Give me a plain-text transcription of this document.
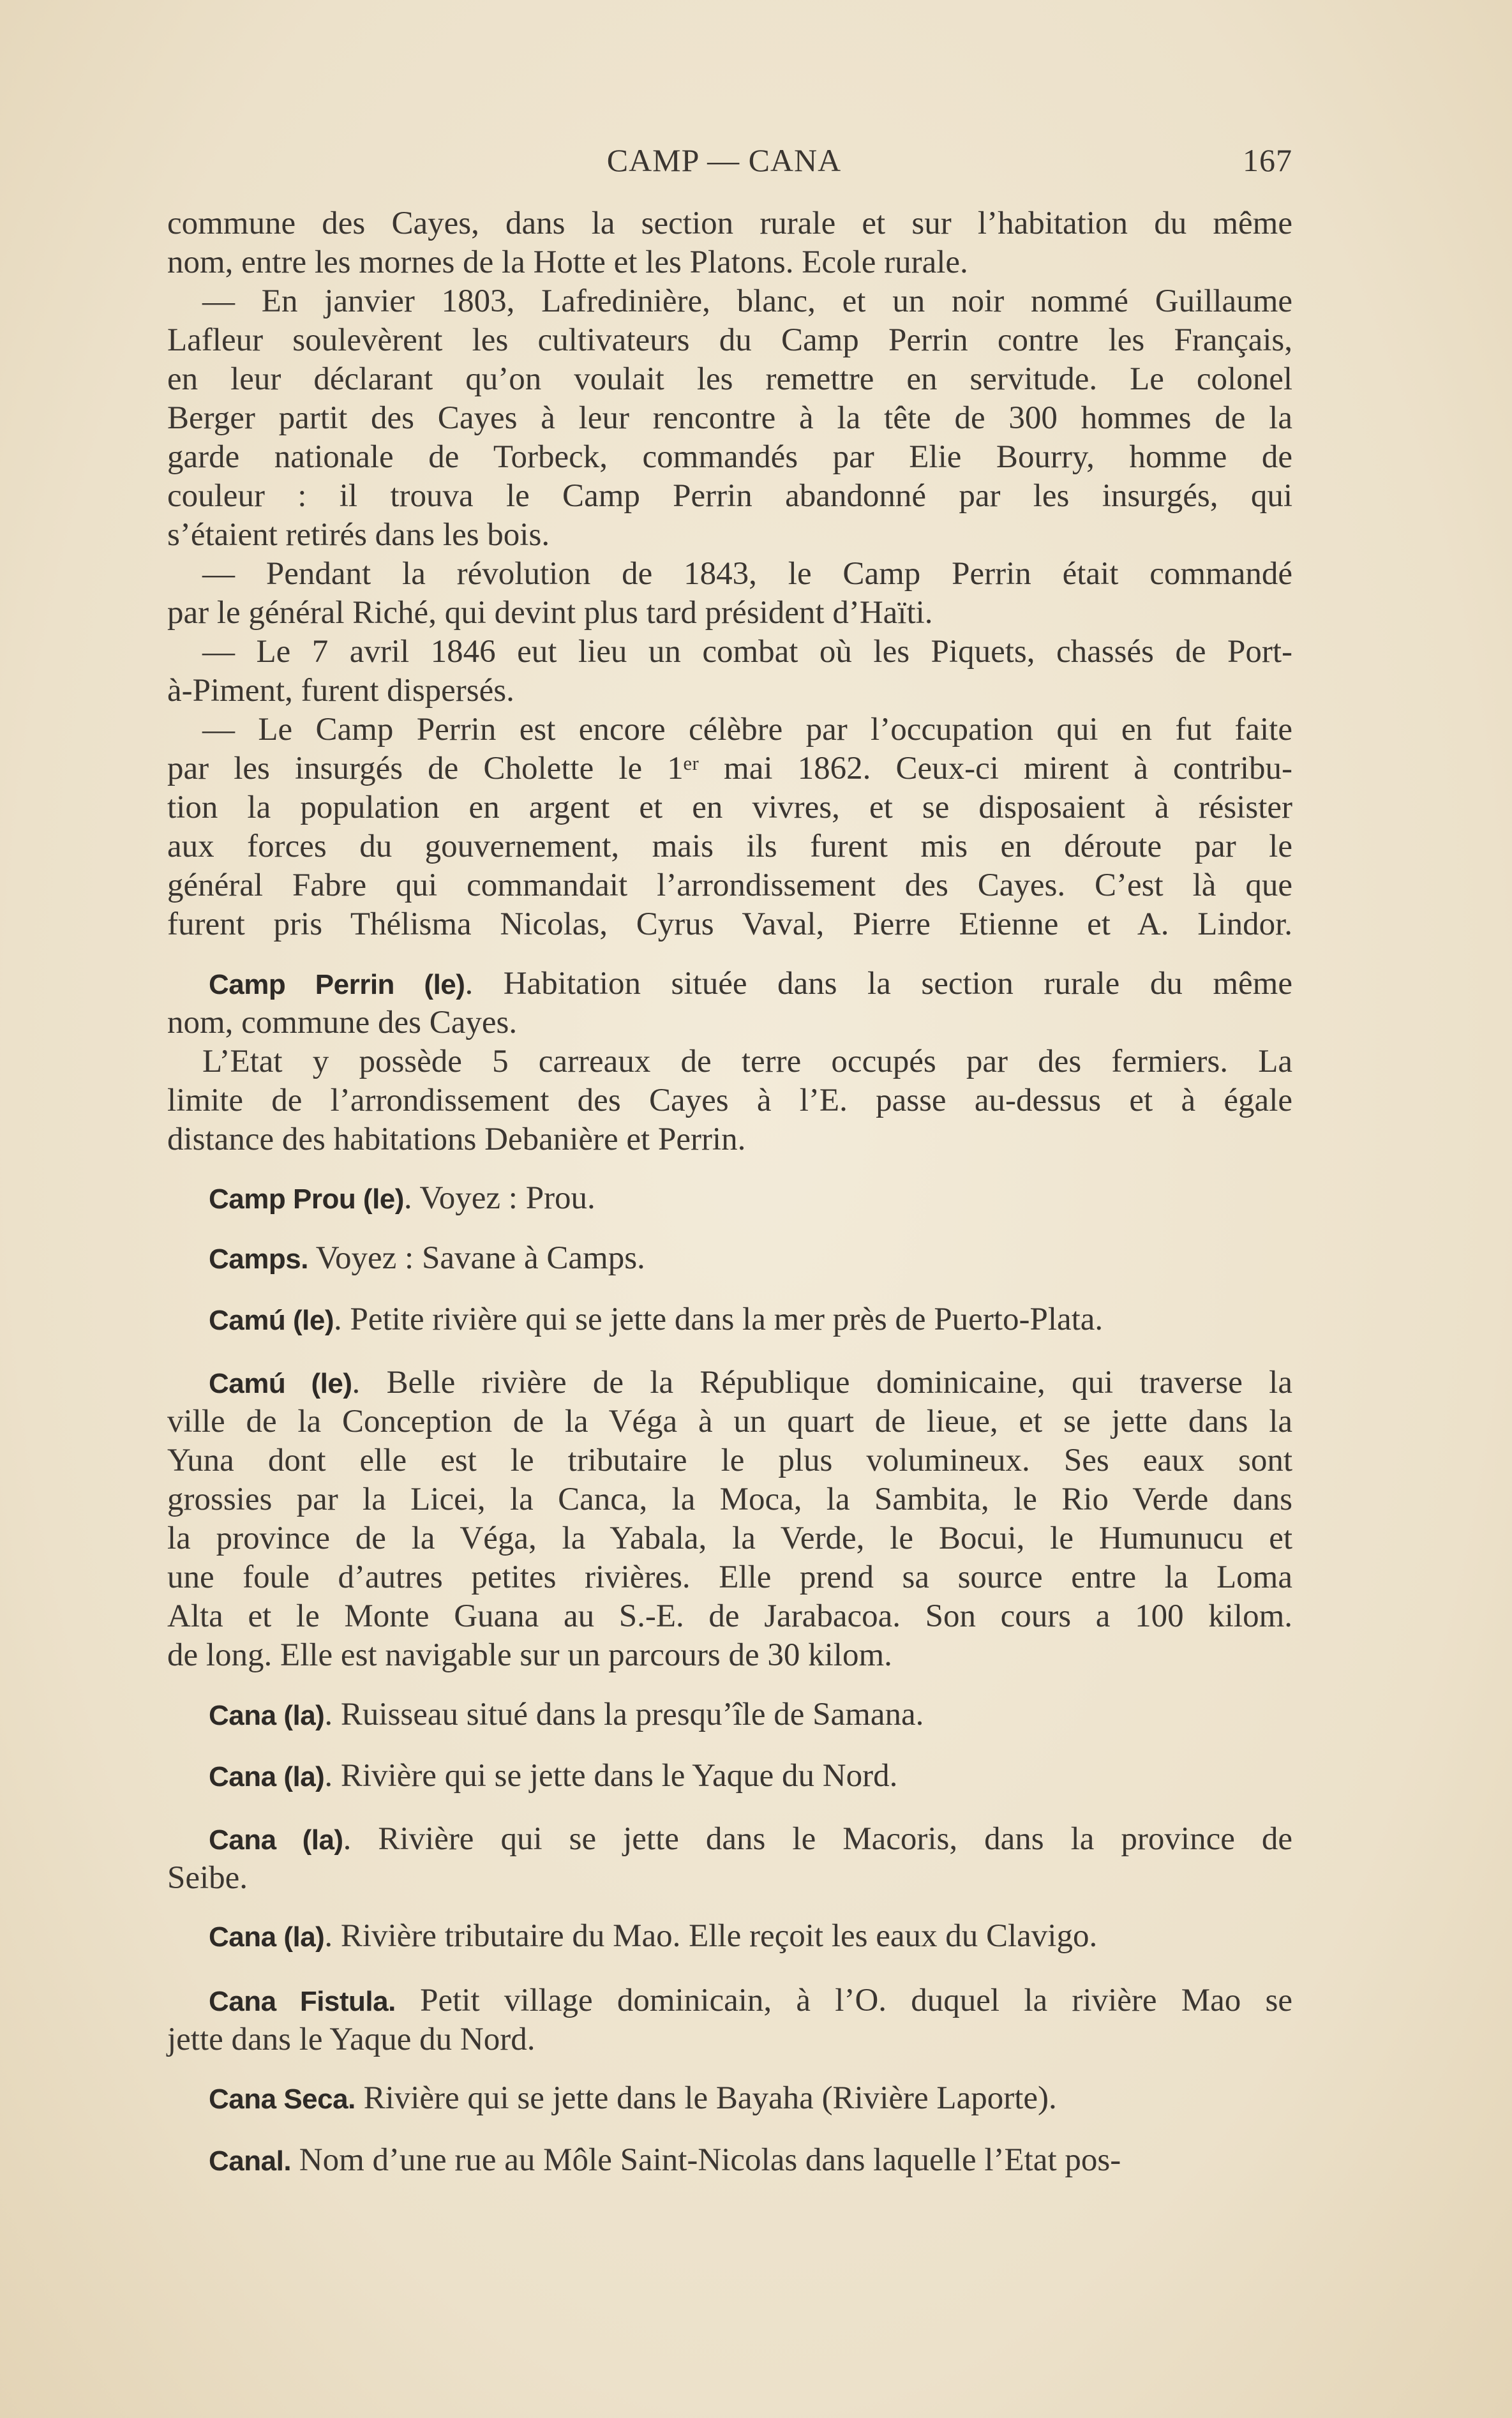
CAMP — CANA	167
commune des Cayes, dans la section rurale et sur l’habitation du même
nom, entre les mornes de la Hotte et les Platons. Ecole rurale.
— En janvier 1803, Lafredinière, blanc, et un noir nommé Guillaume
Lafleur soulevèrent les cultivateurs du Camp Perrin contre les Français,
en leur déclarant qu’on voulait les remettre en servitude. Le colonel
Berger partit des Cayes à leur rencontre à la tête de 300 hommes de la
garde nationale de Torbeck, commandés par Elie Bourry, homme de
couleur : il trouva le Camp Perrin abandonné par les insurgés, qui
s’étaient retirés dans les bois.
— Pendant la révolution de 1843, le Camp Perrin était commandé
par le général Riché, qui devint plus tard président d’Haïti.
— Le 7 avril 1846 eut lieu un combat où les Piquets, chassés de Port-
à-Piment, furent dispersés.
— Le Camp Perrin est encore célèbre par l’occupation qui en fut faite
par les insurgés de Cholette le 1ᵉʳ mai 1862. Ceux-ci mirent à contribu-
tion la population en argent et en vivres, et se disposaient à résister
aux forces du gouvernement, mais ils furent mis en déroute par le
général Fabre qui commandait l’arrondissement des Cayes. C’est là que
furent pris Thélisma Nicolas, Cyrus Vaval, Pierre Etienne et A. Lindor.
Camp Perrin (le). Habitation située dans la section rurale du même
nom, commune des Cayes.
L’Etat y possède 5 carreaux de terre occupés par des fermiers. La
limite de l’arrondissement des Cayes à l’E. passe au-dessus et à égale
distance des habitations Debanière et Perrin.
Camp Prou (le). Voyez : Prou.
Camps. Voyez : Savane à Camps.
Camú (le). Petite rivière qui se jette dans la mer près de Puerto-Plata.
Camú (le). Belle rivière de la République dominicaine, qui traverse la
ville de la Conception de la Véga à un quart de lieue, et se jette dans la
Yuna dont elle est le tributaire le plus volumineux. Ses eaux sont
grossies par la Licei, la Canca, la Moca, la Sambita, le Rio Verde dans
la province de la Véga, la Yabala, la Verde, le Bocui, le Humunucu et
une foule d’autres petites rivières. Elle prend sa source entre la Loma
Alta et le Monte Guana au S.-E. de Jarabacoa. Son cours a 100 kilom.
de long. Elle est navigable sur un parcours de 30 kilom.
Cana (la). Ruisseau situé dans la presqu’île de Samana.
Cana (la). Rivière qui se jette dans le Yaque du Nord.
Cana (la). Rivière qui se jette dans le Macoris, dans la province de
Seibe.
Cana (la). Rivière tributaire du Mao. Elle reçoit les eaux du Clavigo.
Cana Fistula. Petit village dominicain, à l’O. duquel la rivière Mao se
jette dans le Yaque du Nord.
Cana Seca. Rivière qui se jette dans le Bayaha (Rivière Laporte).
Canal. Nom d’une rue au Môle Saint-Nicolas dans laquelle l’Etat pos-
